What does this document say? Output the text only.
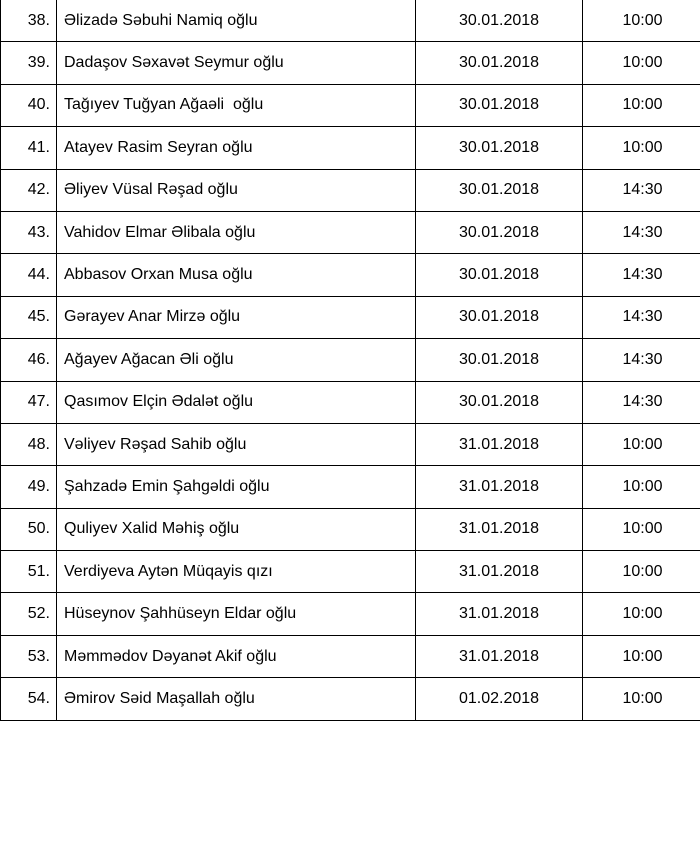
38.	Əlizadə Səbuhi Namiq oğlu	30.01.2018	10:00
39.	Dadaşov Səxavət Seymur oğlu	30.01.2018	10:00
40.	Tağıyev Tuğyan Ağaəli  oğlu	30.01.2018	10:00
41.	Atayev Rasim Seyran oğlu	30.01.2018	10:00
42.	Əliyev Vüsal Rəşad oğlu	30.01.2018	14:30
43.	Vahidov Elmar Əlibala oğlu	30.01.2018	14:30
44.	Abbasov Orxan Musa oğlu	30.01.2018	14:30
45.	Gərayev Anar Mirzə oğlu	30.01.2018	14:30
46.	Ağayev Ağacan Əli oğlu	30.01.2018	14:30
47.	Qasımov Elçin Ədalət oğlu	30.01.2018	14:30
48.	Vəliyev Rəşad Sahib oğlu	31.01.2018	10:00
49.	Şahzadə Emin Şahgəldi oğlu	31.01.2018	10:00
50.	Quliyev Xalid Məhiş oğlu	31.01.2018	10:00
51.	Verdiyeva Aytən Müqayis qızı	31.01.2018	10:00
52.	Hüseynov Şahhüseyn Eldar oğlu	31.01.2018	10:00
53.	Məmmədov Dəyanət Akif oğlu	31.01.2018	10:00
54.	Əmirov Səid Maşallah oğlu	01.02.2018	10:00
